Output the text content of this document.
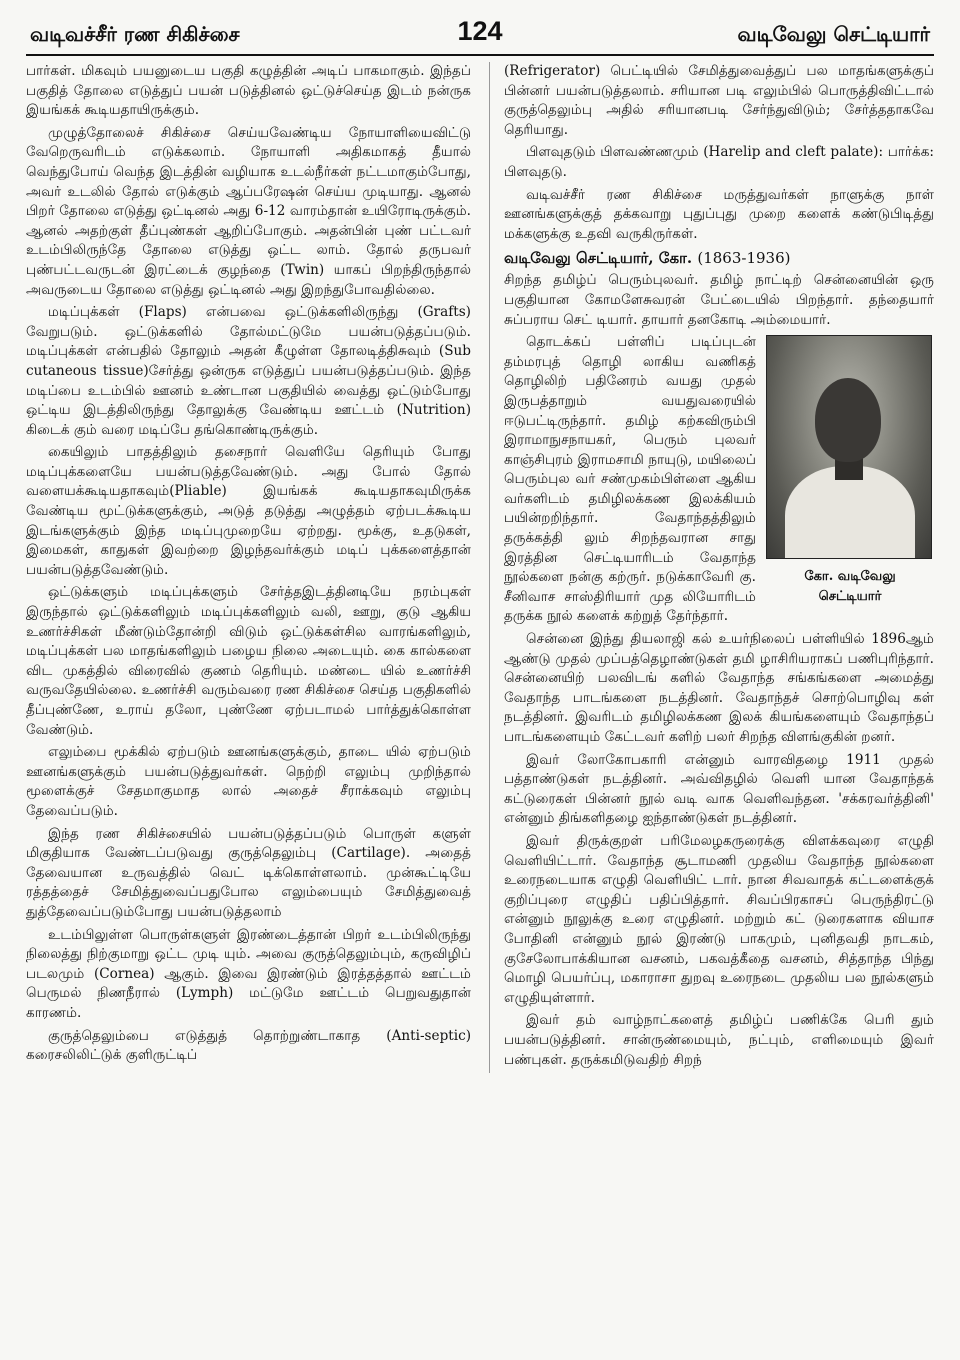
வடிவச்சீர் ரண சிகிச்சை	124	வடிவேலு செட்டியார்

பார்கள். மிகவும் பயனுடைய பகுதி கழுத்தின் அடிப் பாகமாகும். இந்தப் பகுதித் தோலை எடுத்துப் பயன் படுத்தினல் ஒட்டுச்செய்த இடம் நன்ருக இயங்கக் கூடியதாயிருக்கும்.

முழுத்தோலைச் சிகிச்சை செய்யவேண்டிய நோயாளியைவிட்டு வேறெருவரிடம் எடுக்கலாம். நோயாளி அதிகமாகத் தீயால் வெந்துபோய் வெந்த இடத்தின் வழியாக உடல்நீர்கள் நட்டமாகும்போது, அவர் உடலில் தோல் எடுக்கும் ஆப்பரேஷன் செய்ய முடியாது. ஆனல் பிறர் தோலை எடுத்து ஒட்டினல் அது 6-12 வாரம்தான் உயிரோடிருக்கும். ஆனல் அதற்குள் தீப்புண்கள் ஆறிப்போகும். அதன்பின் புண் பட்டவர் உடம்பிலிருந்தே தோலை எடுத்து ஒட்ட லாம். தோல் தருபவர் புண்பட்டவருடன் இரட்டைக் குழந்தை (Twin) யாகப் பிறந்திருந்தால் அவருடைய தோலை எடுத்து ஒட்டினல் அது இறந்துபோவதில்லை.

மடிப்புக்கள் (Flaps) என்பவை ஒட்டுக்களிலிருந்து (Grafts) வேறுபடும். ஒட்டுக்களில் தோல்மட்டுமே பயன்படுத்தப்படும். மடிப்புக்கள் என்பதில் தோலும் அதன் கீழுள்ள தோலடித்திசுவும் (Sub cutaneous tissue)சேர்த்து ஒன்ருக எடுத்துப் பயன்படுத்தப்படும். இந்த மடிப்பை உடம்பில் ஊனம் உண்டான பகுதியில் வைத்து ஒட்டும்போது ஒட்டிய இடத்திலிருந்து தோலுக்கு வேண்டிய ஊட்டம் (Nutrition) கிடைக் கும் வரை மடிப்பே தங்கொண்டிருக்கும்.

கையிலும் பாதத்திலும் தசைநார் வெளியே தெரியும் போது மடிப்புக்களையே பயன்படுத்தவேண்டும். அது போல் தோல் வளையக்கூடியதாகவும்(Pliable) இயங்கக் கூடியதாகவுமிருக்க வேண்டிய மூட்டுக்களுக்கும், அடுத் தடுத்து அழுத்தம் ஏற்படக்கூடிய இடங்களுக்கும் இந்த மடிப்புமுறையே ஏற்றது. மூக்கு, உதடுகள், இமைகள், காதுகள் இவற்றை இழந்தவர்க்கும் மடிப் புக்களைத்தான் பயன்படுத்தவேண்டும்.

ஒட்டுக்களும் மடிப்புக்களும் சேர்த்தஇடத்தினடியே நரம்புகள் இருந்தால் ஒட்டுக்களிலும் மடிப்புக்களிலும் வலி, ஊறு, குடு ஆகிய உணர்ச்சிகள் மீண்டும்தோன்றி விடும் ஒட்டுக்கள்சில வாரங்களிலும், மடிப்புக்கள் பல மாதங்களிலும் பழைய நிலை அடையும். கை கால்களை விட முகத்தில் விரைவில் குணம் தெரியும். மண்டை யில் உணர்ச்சி வருவதேயில்லை. உணர்ச்சி வரும்வரை ரண சிகிச்சை செய்த பகுதிகளில் தீப்புண்ணே, உராய் தலோ, புண்ணே ஏற்படாமல் பார்த்துக்கொள்ள வேண்டும்.

எலும்பை மூக்கில் ஏற்படும் ஊனங்களுக்கும், தாடை யில் ஏற்படும் ஊனங்களுக்கும் பயன்படுத்துவர்கள். நெற்றி எலும்பு முறிந்தால் மூளைக்குச் சேதமாகுமாத லால் அதைச் சீராக்கவும் எலும்பு தேவைப்படும்.

இந்த ரண சிகிச்சையில் பயன்படுத்தப்படும் பொருள் களுள் மிகுதியாக வேண்டப்படுவது குருத்தெலும்பு (Cartilage). அதைத் தேவையான உருவத்தில் வெட் டிக்கொள்ளலாம். முன்கூட்டியே ரத்தத்தைச் சேமித்துவைப்பதுபோல எலும்பையும் சேமித்துவைத் துத்தேவைப்படும்போது பயன்படுத்தலாம்

உடம்பிலுள்ள பொருள்களுள் இரண்டைத்தான் பிறர் உடம்பிலிருந்து நிலைத்து நிற்குமாறு ஒட்ட முடி யும். அவை குருத்தெலும்பும், கருவிழிப் படலமும் (Cornea) ஆகும். இவை இரண்டும் இரத்தத்தால் ஊட்டம் பெருமல் நிணநீரால் (Lymph) மட்டுமே ஊட்டம் பெறுவதுதான் காரணம்.

குருத்தெலும்பை எடுத்துத் தொற்றுண்டாகாத (Anti-septic) கரைசலிலிட்டுக் குளிருட்டிப்

(Refrigerator) பெட்டியில் சேமித்துவைத்துப் பல மாதங்களுக்குப் பின்னர் பயன்படுத்தலாம். சரியான படி எலும்பில் பொருத்திவிட்டால் குருத்தெலும்பு அதில் சரியானபடி சேர்ந்துவிடும்; சேர்த்ததாகவே தெரியாது.

பிளவுதடும் பிளவண்ணமும் (Harelip and cleft palate): பார்க்க: பிளவுதடு.

வடிவச்சீர் ரண சிகிச்சை மருத்துவர்கள் நாளுக்கு நாள் ஊனங்களுக்குத் தக்கவாறு புதுப்புது முறை களைக் கண்டுபிடித்து மக்களுக்கு உதவி வருகிருர்கள்.

வடிவேலு செட்டியார், கோ. (1863-1936)

சிறந்த தமிழ்ப் பெரும்புலவர். தமிழ் நாட்டிற் சென்னையின் ஒரு பகுதியான கோமளேசுவரன் பேட்டையில் பிறந்தார். தந்தையார் சுப்பராய செட் டியார். தாயார் தனகோடி அம்மையார்.

கோ. வடிவேலு
செட்டியார்

தொடக்கப் பள்ளிப் படிப்புடன் தம்மரபுத் தொழி லாகிய வணிகத் தொழிலிற் பதினேரம் வயது முதல் இருபத்தாறும் வயதுவரையில் ஈடுபட்டிருந்தார். தமிழ் கற்கவிரும்பி இராமாநுசநாயகர், பெரும் புலவர் காஞ்சிபுரம் இராமசாமி நாயுடு, மயிலைப் பெரும்புல வர் சண்முகம்பிள்ளை ஆகிய வர்களிடம் தமிழிலக்கண இலக்கியம் பயின்றறிந்தார். வேதாந்தத்திலும் தருக்கத்தி லும் சிறந்தவரான சாது இரத்தின செட்டியாரிடம் வேதாந்த நூல்களை நன்கு கற்ருர். நடுக்காவேரி கு. சீனிவாச சாஸ்திரியார் முத லியோரிடம் தருக்க நூல் களைக் கற்றுத் தேர்ந்தார்.

சென்னை இந்து தியலாஜி கல் உயர்நிலைப் பள்ளியில் 1896ஆம் ஆண்டு முதல் முப்பத்தெழாண்டுகள் தமி ழாசிரியராகப் பணிபுரிந்தார். சென்னையிற் பலவிடங் களில் வேதாந்த சங்கங்களை அமைத்து வேதாந்த பாடங்களை நடத்தினர். வேதாந்தச் சொற்பொழிவு கள் நடத்தினர். இவரிடம் தமிழிலக்கண இலக் கியங்களையும் வேதாந்தப் பாடங்களையும் கேட்டவர் களிற் பலர் சிறந்த விளங்குகின் றனர்.

இவர் லோகோபகாரி என்னும் வாரவிதழை 1911 முதல் பத்தாண்டுகள் நடத்தினர். அவ்விதழில் வெளி யான வேதாந்தக் கட்டுரைகள் பின்னர் நூல் வடி வாக வெளிவந்தன. 'சக்கரவர்த்தினி' என்னும் திங்களிதழை ஐந்தாண்டுகள் நடத்தினர்.

இவர் திருக்குறள் பரிமேலழகருரைக்கு விளக்கவுரை எழுதி வெளியிட்டார். வேதாந்த சூடாமணி முதலிய வேதாந்த நூல்களை உரைநடையாக எழுதி வெளியிட் டார். நான சிவவாதக் கட்டளைக்குக் குறிப்புரை எழுதிப் பதிப்பித்தார். சிவப்பிரகாசப் பெருந்திரட்டு என்னும் நூலுக்கு உரை எழுதினர். மற்றும் கட் டுரைகளாக வியாச போதினி என்னும் நூல் இரண்டு பாகமும், புனிதவதி நாடகம், குசேலோபாக்கியான வசனம், பகவத்கீதை வசனம், சித்தாந்த பிந்து மொழி பெயர்ப்பு, மகாராசா துறவு உரைநடை முதலிய பல நூல்களும் எழுதியுள்ளார்.

இவர் தம் வாழ்நாட்களைத் தமிழ்ப் பணிக்கே பெரி தும் பயன்படுத்தினர். சான்ருண்மையும், நட்பும், எளிமையும் இவர் பண்புகள். தருக்கமிடுவதிற் சிறந்
